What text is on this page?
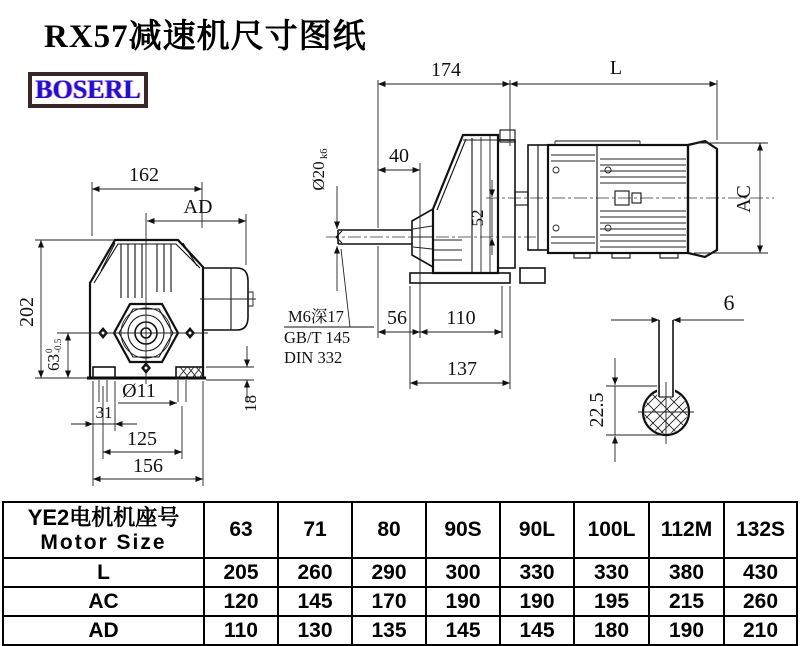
RX57减速机尺寸图纸
BOSERL
162
AD
202
63
0 -0.5
31
Ø11
125
156
18
174	L
40
Ø20
k6
52
M6深17
GB/T 145
DIN 332
56 110
137
AC
6
22.5
YE2电机机座号
Motor Size	63	71	80	90S	90L	100L	112M	132S
L	205	260	290	300	330	330	380	430
AC	120	145	170	190	190	195	215	260
AD	110	130	135	145	145	180	190	210
